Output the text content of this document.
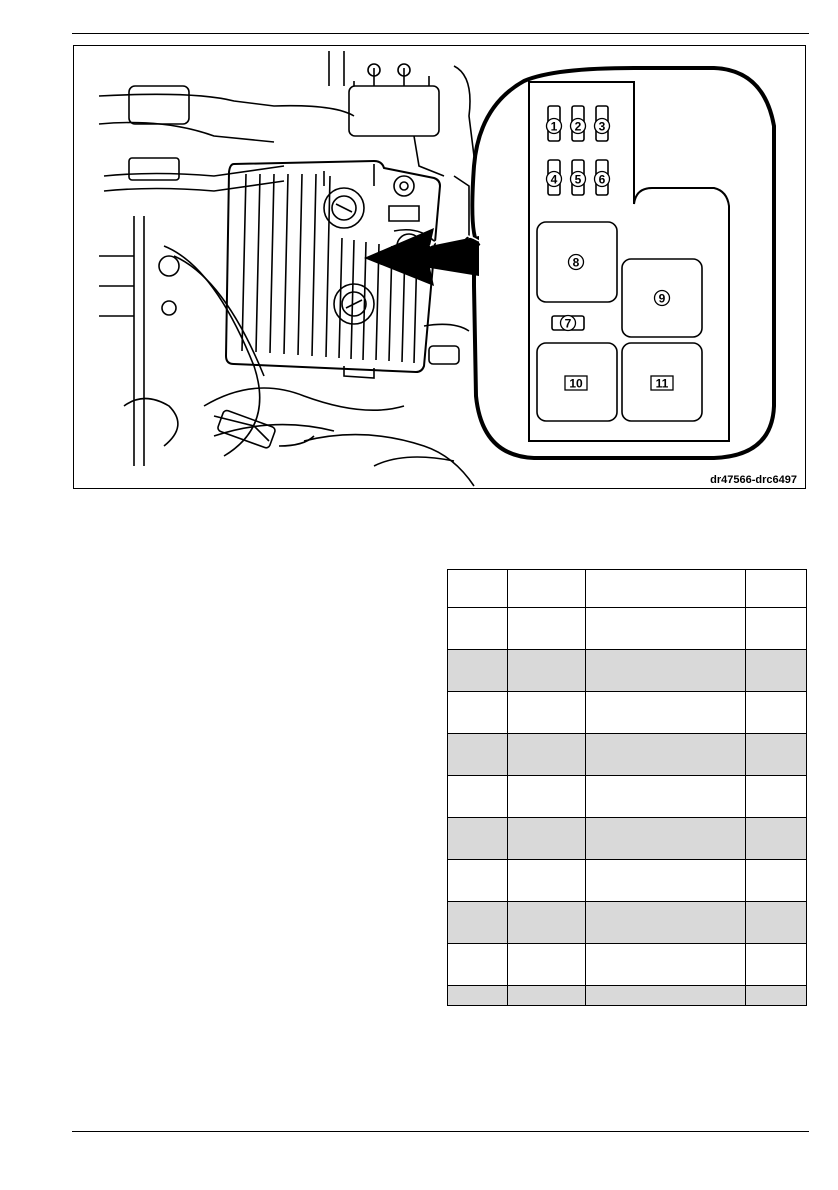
1 2 3
4 5 6
7
8
9
10	11
dr47566-drc6497
